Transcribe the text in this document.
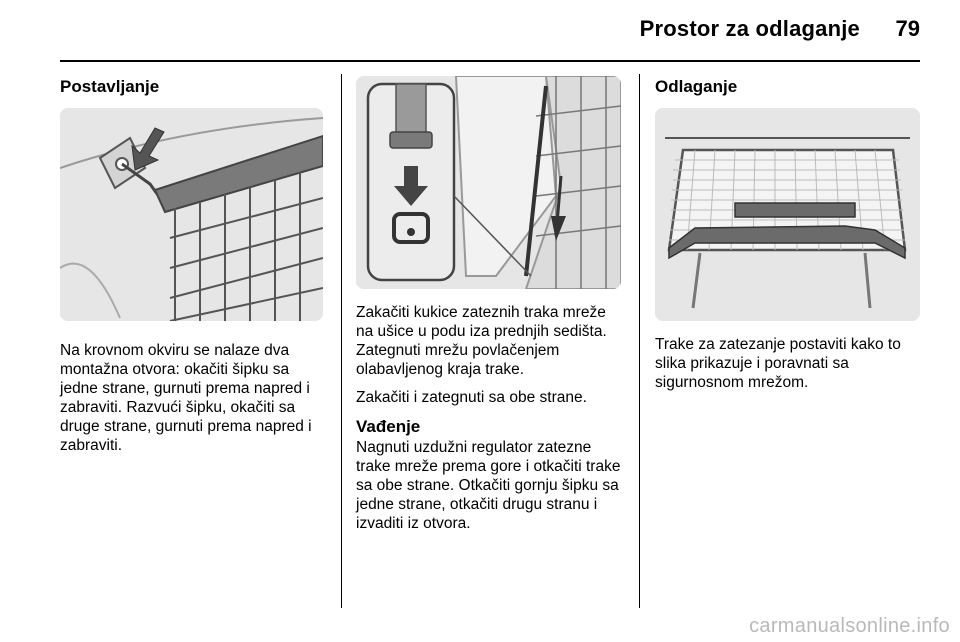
Prostor za odlaganje 79
Postavljanje

Na krovnom okviru se nalaze dva montažna otvora: okačiti šipku sa jedne strane, gurnuti prema napred i zabraviti. Razvući šipku, okačiti sa druge strane, gurnuti prema napred i zabraviti.

Zakačiti kukice zateznih traka mreže na ušice u podu iza prednjih sedišta. Zategnuti mrežu povlačenjem olabavljenog kraja trake.

Zakačiti i zategnuti sa obe strane.

Vađenje

Nagnuti uzdužni regulator zatezne trake mreže prema gore i otkačiti trake sa obe strane. Otkačiti gornju šipku sa jedne strane, otkačiti drugu stranu i izvaditi iz otvora.

Odlaganje

Trake za zatezanje postaviti kako to slika prikazuje i poravnati sa sigurnosnom mrežom.

carmanualsonline.info
